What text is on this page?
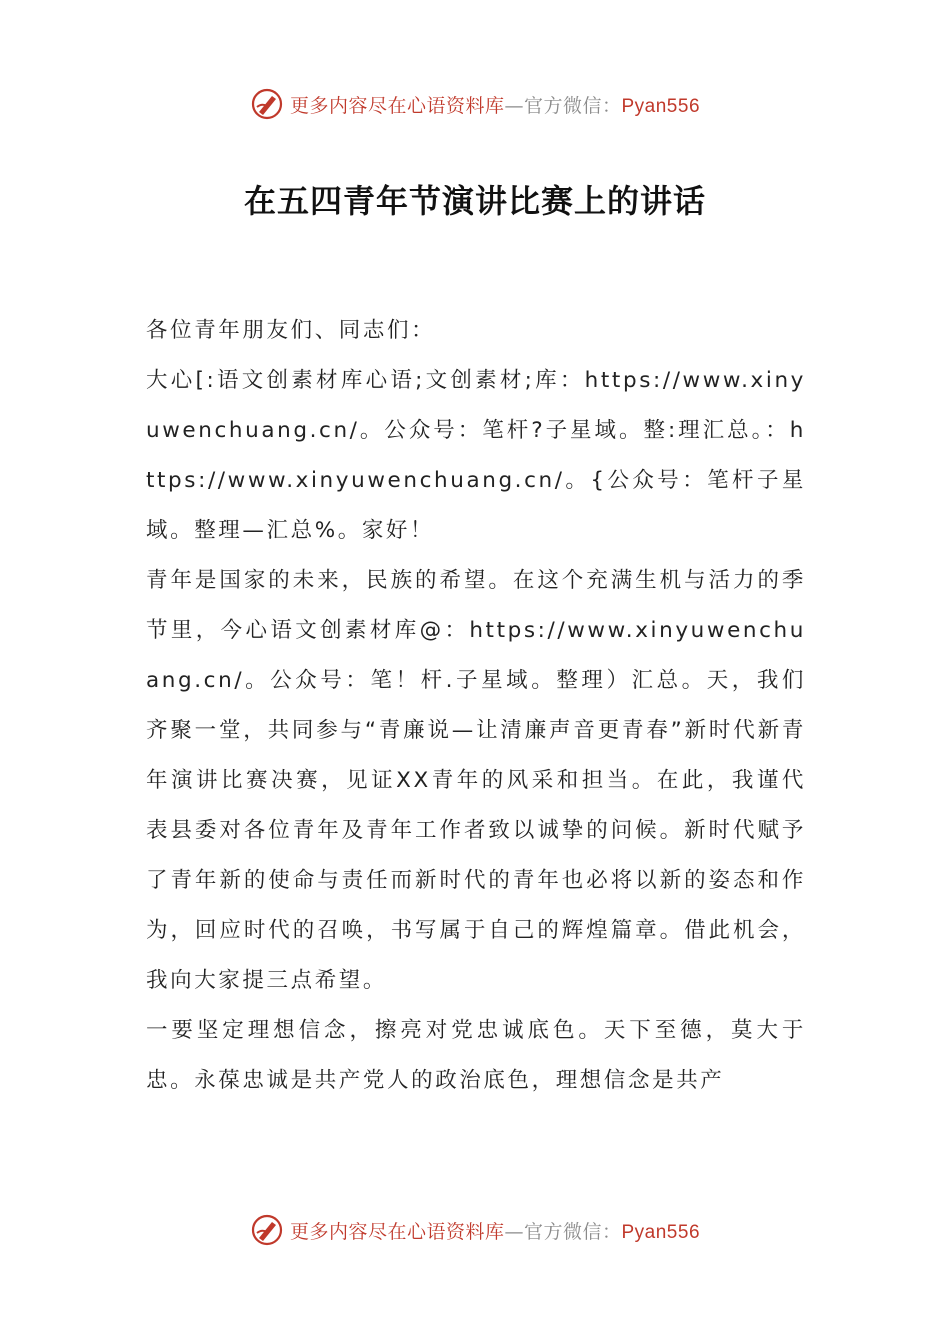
更多内容尽在心语资料库—官方微信：Pyan556
在五四青年节演讲比赛上的讲话

各位青年朋友们、同志们：

大心[:语文创素材库心语;文创素材;库：https://www.xinyuwenchuang.cn/。公众号：笔杆?子星域。整:理汇总。：https://www.xinyuwenchuang.cn/。{公众号：笔杆子星域。整理—汇总%。家好！

青年是国家的未来，民族的希望。在这个充满生机与活力的季节里，今心语文创素材库@：https://www.xinyuwenchuang.cn/。公众号：笔！杆.子星域。整理）汇总。天，我们齐聚一堂，共同参与“青廉说—让清廉声音更青春”新时代新青年演讲比赛决赛，见证XX青年的风采和担当。在此，我谨代表县委对各位青年及青年工作者致以诚挚的问候。新时代赋予了青年新的使命与责任而新时代的青年也必将以新的姿态和作为，回应时代的召唤，书写属于自己的辉煌篇章。借此机会，我向大家提三点希望。

一要坚定理想信念，擦亮对党忠诚底色。天下至德，莫大于忠。永葆忠诚是共产党人的政治底色，理想信念是共产

更多内容尽在心语资料库—官方微信：Pyan556
